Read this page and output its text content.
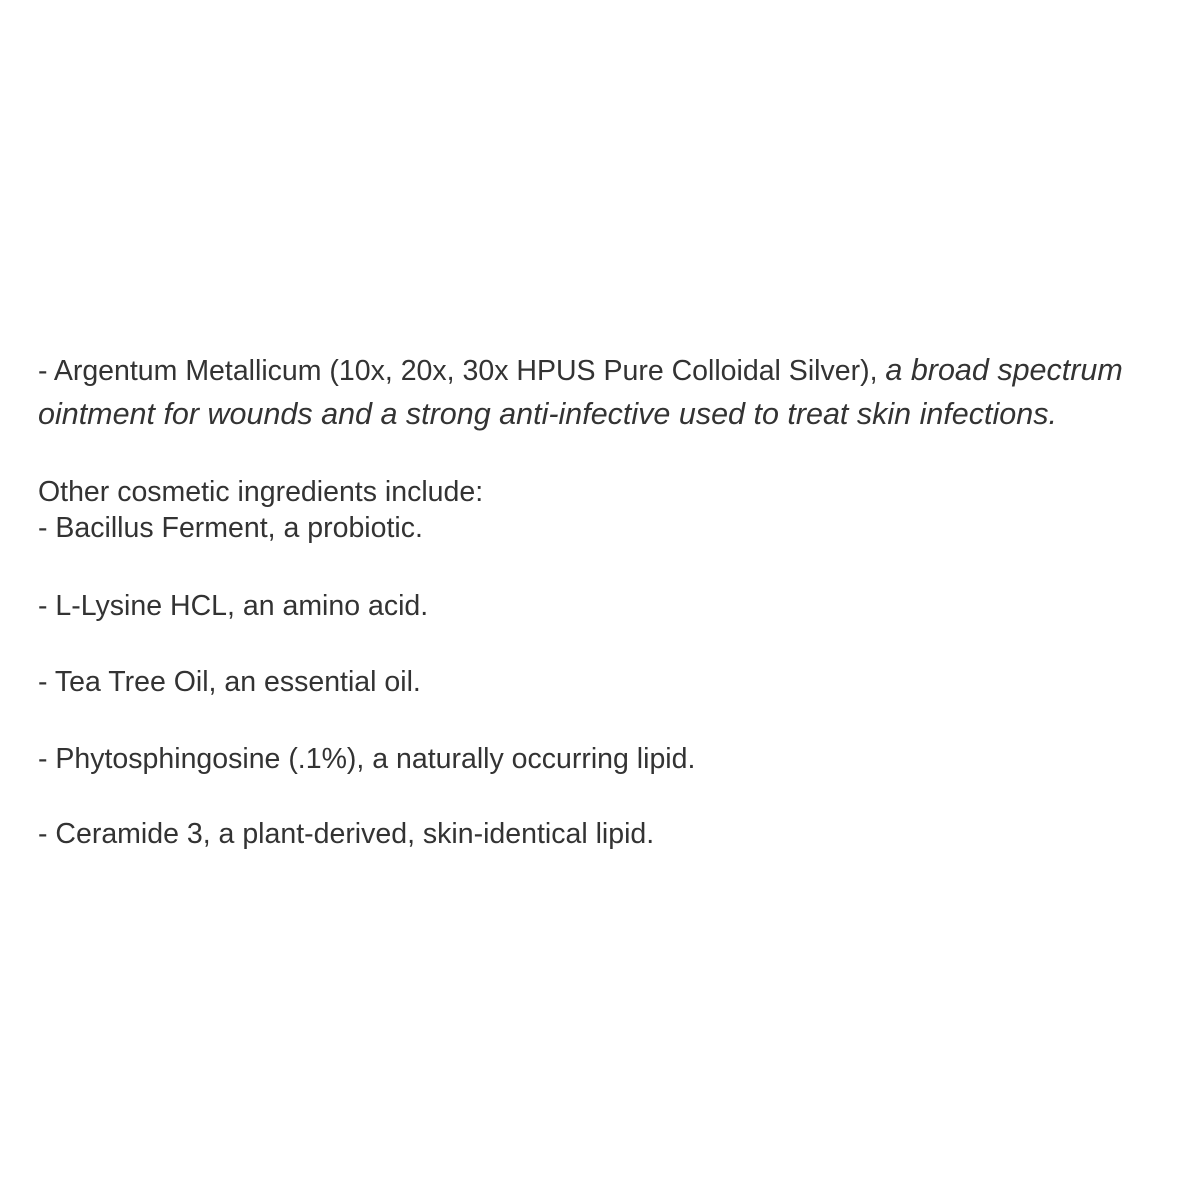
- Argentum Metallicum (10x, 20x, 30x HPUS Pure Colloidal Silver), a broad spectrum
ointment for wounds and a strong anti-infective used to treat skin infections.
Other cosmetic ingredients include:
- Bacillus Ferment, a probiotic.
- L-Lysine HCL, an amino acid.
- Tea Tree Oil, an essential oil.
- Phytosphingosine (.1%), a naturally occurring lipid.
- Ceramide 3, a plant-derived, skin-identical lipid.
